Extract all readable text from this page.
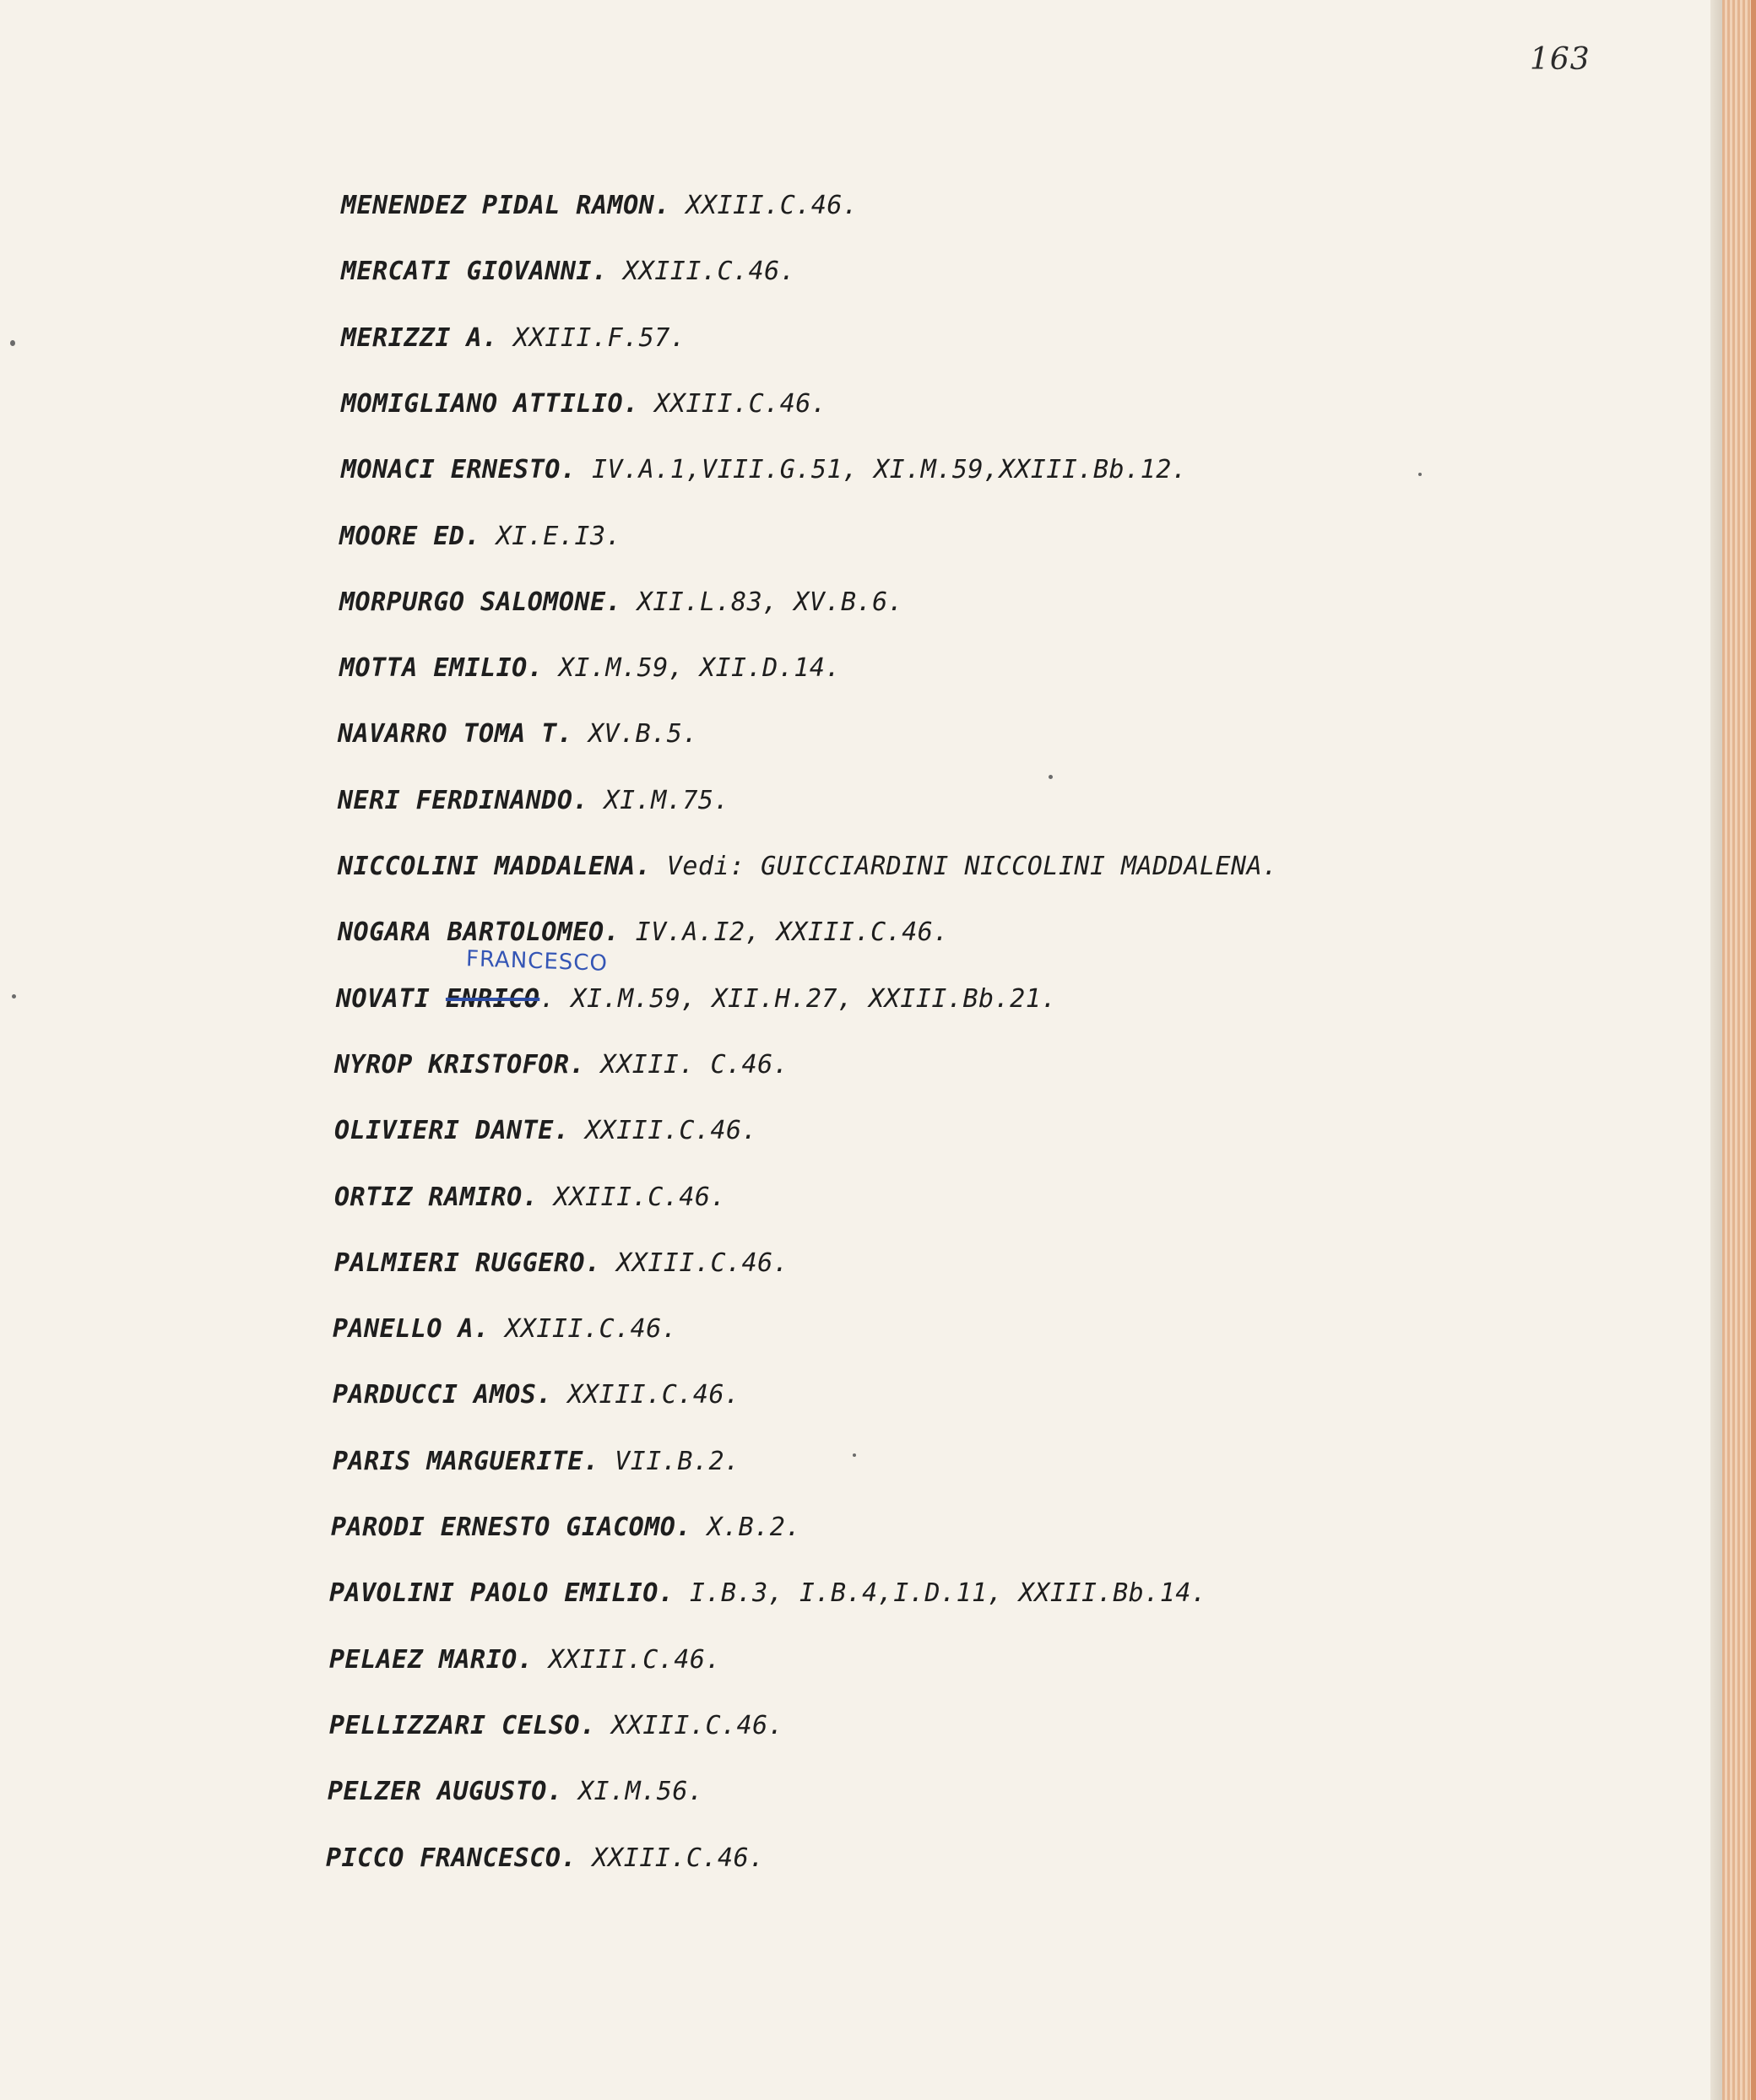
163
FRANCESCO
MENENDEZ PIDAL RAMON. XXIII.C.46.
MERCATI GIOVANNI. XXIII.C.46.
MERIZZI A. XXIII.F.57.
MOMIGLIANO ATTILIO. XXIII.C.46.
MONACI ERNESTO. IV.A.1,VIII.G.51, XI.M.59,XXIII.Bb.12.
MOORE ED. XI.E.I3.
MORPURGO SALOMONE. XII.L.83, XV.B.6.
MOTTA EMILIO. XI.M.59, XII.D.14.
NAVARRO TOMA T. XV.B.5.
NERI FERDINANDO. XI.M.75.
NICCOLINI MADDALENA. Vedi: GUICCIARDINI NICCOLINI MADDALENA.
NOGARA BARTOLOMEO. IV.A.I2, XXIII.C.46.
NOVATI ENRICO. XI.M.59, XII.H.27, XXIII.Bb.21.
NYROP KRISTOFOR. XXIII. C.46.
OLIVIERI DANTE. XXIII.C.46.
ORTIZ RAMIRO. XXIII.C.46.
PALMIERI RUGGERO. XXIII.C.46.
PANELLO A. XXIII.C.46.
PARDUCCI AMOS. XXIII.C.46.
PARIS MARGUERITE. VII.B.2.
PARODI ERNESTO GIACOMO. X.B.2.
PAVOLINI PAOLO EMILIO. I.B.3, I.B.4,I.D.11, XXIII.Bb.14.
PELAEZ MARIO. XXIII.C.46.
PELLIZZARI CELSO. XXIII.C.46.
PELZER AUGUSTO. XI.M.56.
PICCO FRANCESCO. XXIII.C.46.
